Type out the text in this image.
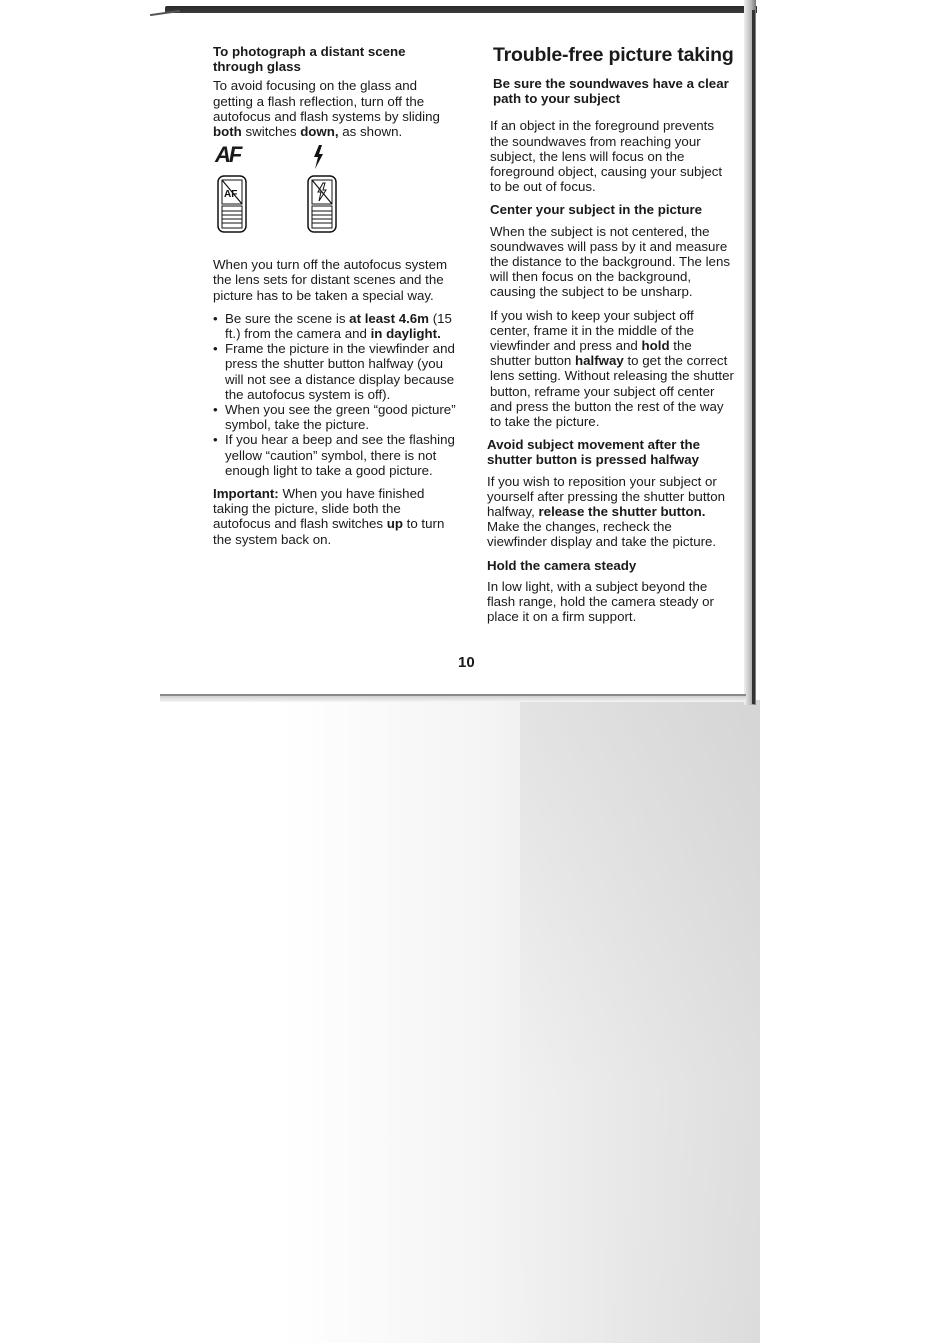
To photograph a distant scene through glass

To avoid focusing on the glass and getting a flash reflection, turn off the autofocus and flash systems by sliding both switches down, as shown.

AF
AF

When you turn off the autofocus system the lens sets for distant scenes and the picture has to be taken a special way.

• Be sure the scene is at least 4.6m (15 ft.) from the camera and in daylight.
• Frame the picture in the viewfinder and press the shutter button halfway (you will not see a distance display because the autofocus system is off).
• When you see the green “good picture” symbol, take the picture.
• If you hear a beep and see the flashing yellow “caution” symbol, there is not enough light to take a good picture.

Important: When you have finished taking the picture, slide both the autofocus and flash switches up to turn the system back on.

Trouble-free picture taking
Be sure the soundwaves have a clear path to your subject

If an object in the foreground prevents the soundwaves from reaching your subject, the lens will focus on the foreground object, causing your subject to be out of focus.

Center your subject in the picture

When the subject is not centered, the soundwaves will pass by it and measure the distance to the background. The lens will then focus on the background, causing the subject to be unsharp.

If you wish to keep your subject off center, frame it in the middle of the viewfinder and press and hold the shutter button halfway to get the correct lens setting. Without releasing the shutter button, reframe your subject off center and press the button the rest of the way to take the picture.

Avoid subject movement after the shutter button is pressed halfway

If you wish to reposition your subject or yourself after pressing the shutter button halfway, release the shutter button. Make the changes, recheck the viewfinder display and take the picture.

Hold the camera steady

In low light, with a subject beyond the flash range, hold the camera steady or place it on a firm support.

10
